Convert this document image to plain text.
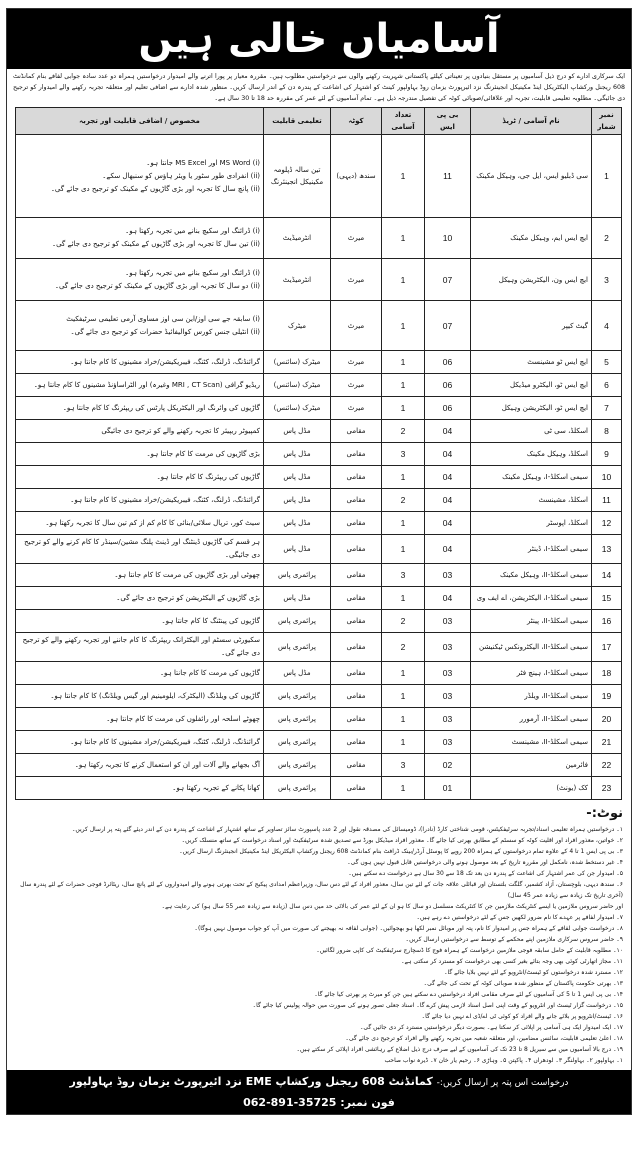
آسامیاں خالی ہیں
ایک سرکاری ادارے کو درج ذیل آسامیوں پر مستقل بنیادوں پر تعیناتی کیلئے پاکستانی شہریت رکھنے والوں سے درخواستیں مطلوب ہیں۔ مقررہ معیار پر پورا اترنے والے امیدوار درخواستیں ہمراہ دو عدد سادہ جوابی لفافے بنام کمانڈنٹ 608 ریجنل ورکشاپ الیکٹریکل اینڈ مکینیکل انجینئرنگ نزد ائیرپورٹ یزمان روڈ بہاولپور کینٹ کو اشتہار کی اشاعت کے پندرہ دن کے اندر ارسال کریں۔ منظور شدہ ادارے سے اضافی تعلیم اور متعلقہ تجربہ رکھنے والے امیدوار کو ترجیح دی جائیگی۔ مطلوبہ تعلیمی قابلیت، تجربہ اور علاقائی/صوبائی کوٹہ کی تفصیل مندرجہ ذیل ہے۔ تمام آسامیوں کے لئے عمر کی مقررہ حد 18 تا 30 سال ہے۔
نمبر شمار	نام آسامی / ٹریڈ	بی پی ایس	تعداد آسامی	کوٹہ	تعلیمی قابلیت	مخصوص / اضافی قابلیت اور تجربہ
1	سی ڈبلیو ایس، ایل جی، وہیکل مکینک	11	1	سندھ (دیہی)	تین سالہ ڈپلومہ مکینیکل انجینئرنگ	(i) MS Word اور MS Excel جانتا ہو۔
(ii) انفرادی طور سٹور یا ویئر ہاؤس کو سنبھال سکے۔
(ii) پانچ سال کا تجربہ اور بڑی گاڑیوں کے مکینک کو ترجیح دی جائے گی۔

2	ایچ ایس ایم، وہیکل مکینک	10	1	میرٹ	انٹرمیڈیٹ	(i) ڈرائنگ اور سکیچ بنانے میں تجربہ رکھتا ہو۔
(ii) تین سال کا تجربہ اور بڑی گاڑیوں کے مکینک کو ترجیح دی جائے گی۔

3	ایچ ایس ون، الیکٹریشن وہیکل	07	1	میرٹ	انٹرمیڈیٹ	(i) ڈرائنگ اور سکیچ بنانے میں تجربہ رکھتا ہو۔
(ii) دو سال کا تجربہ اور بڑی گاڑیوں کے مکینک کو ترجیح دی جائے گی۔

4	گیٹ کیپر	07	1	میرٹ	میٹرک	(i) سابقہ جے سی اوز/این سی اوز مساوی آرمی تعلیمی سرٹیفکیٹ
(ii) انٹیلی جنس کورس کوالیفائیڈ حضرات کو ترجیح دی جائے گی۔

5	ایچ ایس ٹو مشینسٹ	06	1	میرٹ	میٹرک (سائنس)	گرائنڈنگ، ڈرلنگ، کٹنگ، فیبریکیشن/خراد مشینوں کا کام جانتا ہو۔

6	ایچ ایس ٹو، الیکٹرو میڈیکل	06	1	میرٹ	میٹرک (سائنس)	ریڈیو گرافی (MRI , CT Scan وغیرہ) اور الٹراساؤنڈ مشینوں کا کام جانتا ہو۔

7	ایچ ایس ٹو، الیکٹریشن وہیکل	06	1	میرٹ	میٹرک (سائنس)	گاڑیوں کی وائرنگ اور الیکٹریکل پارٹس کی ریپئرنگ کا کام جانتا ہو۔

8	اسکلڈ، سی ٹی	04	2	مقامی	مڈل پاس	کمپیوٹر ریپیئر کا تجربہ رکھنے والے کو ترجیح دی جائیگی

9	اسکلڈ، وہیکل مکینک	04	3	مقامی	مڈل پاس	بڑی گاڑیوں کی مرمت کا کام جانتا ہو۔

10	سیمی اسکلڈ-I، وہیکل مکینک	04	1	مقامی	مڈل پاس	گاڑیوں کی ریپئرنگ کا کام جانتا ہو۔

11	اسکلڈ، مشینسٹ	04	2	مقامی	مڈل پاس	گرائنڈنگ، ڈرلنگ، کٹنگ، فیبریکیشن/خراد مشینوں کا کام جانتا ہو۔

12	اسکلڈ، اپوسٹر	04	1	مقامی	مڈل پاس	سیٹ کور، ترپال سلائی/بنائی کا کام کم از کم تین سال کا تجربہ رکھتا ہو۔

13	سیمی اسکلڈ-I، ڈینٹر	04	1	مقامی	مڈل پاس	ہر قسم کی گاڑیوں ڈینٹنگ اور ڈینٹ پلنگ مشین/سینڈر کا کام کرنے والے کو ترجیح دی جائیگی۔

14	سیمی اسکلڈ-II، وہیکل مکینک	03	3	مقامی	پرائمری پاس	چھوٹی اور بڑی گاڑیوں کی مرمت کا کام جانتا ہو۔

15	سیمی اسکلڈ-I، الیکٹریشن، اے ایف وی	04	1	مقامی	مڈل پاس	بڑی گاڑیوں کے الیکٹریشن کو ترجیح دی جائے گی۔

16	سیمی اسکلڈ-II، پینٹر	03	2	مقامی	پرائمری پاس	گاڑیوں کی پینٹنگ کا کام جانتا ہو۔

17	سیمی اسکلڈ-II، الیکٹرونکس ٹیکنیشن	03	2	مقامی	پرائمری پاس	سکیورٹی سسٹم اور الیکٹرانک ریپئرنگ کا کام جاننے اور تجربہ رکھنے والے کو ترجیح دی جائے گی۔

18	سیمی اسکلڈ-I، ہینچ فٹر	03	1	مقامی	مڈل پاس	گاڑیوں کی مرمت کا کام جانتا ہو۔

19	سیمی اسکلڈ-II، ویلڈر	03	1	مقامی	پرائمری پاس	گاڑیوں کی ویلڈنگ (الیکٹرک، ایلومینیم اور گیس ویلڈنگ) کا کام جانتا ہو۔

20	سیمی اسکلڈ-II، آرمورر	03	1	مقامی	پرائمری پاس	چھوٹے اسلحہ اور رائفلوں کی مرمت کا کام جانتا ہو۔

21	سیمی اسکلڈ-II، مشینسٹ	03	1	مقامی	پرائمری پاس	گرائنڈنگ، ڈرلنگ، کٹنگ، فیبریکیشن/خراد مشینوں کا کام جانتا ہو۔

22	فائرمین	02	3	مقامی	پرائمری پاس	آگ بجھانے والے آلات اور ان کو استعمال کرنے کا تجربہ رکھتا ہو۔

23	کک (یونٹ)	01	1	مقامی	پرائمری پاس	کھانا پکانے کے تجربہ رکھتا ہو۔
نوٹ:-
۱۔ درخواستیں ہمراہ تعلیمی اسناد/تجربہ سرٹیفکیٹس، قومی شناختی کارڈ (نادرا)، ڈومیسائل کی مصدقہ نقول اور 2 عدد پاسپورٹ سائز تصاویر کے ساتھ اشتہار کے اشاعت کے پندرہ دن کے اندر دیئے گئے پتہ پر ارسال کریں۔
۲۔ خواتین، معذور افراد اور اقلیت کوٹہ کو سسٹم کے مطابق بھرتی کیا جائے گا۔ معذور افراد میڈیکل بورڈ سے تصدیق شدہ سرٹیفکیٹ اور اسناد درخواست کے ساتھ منسلک کریں۔
۳۔ بی پی ایس 1 تا 4 کے علاوہ تمام درخواستوں کے ہمراہ 200 روپے کا پوسٹل آرڈر/بینک ڈرافٹ بنام کمانڈنٹ 608 ریجنل ورکشاپ الیکٹریکل اینڈ مکینیکل انجینئرنگ ارسال کریں۔
۴۔ غیر دستخط شدہ، نامکمل اور مقررہ تاریخ کے بعد موصول ہونے والی درخواستیں قابل قبول نہیں ہوں گی۔
۵۔ امیدوار جن کی عمر اشتہار کی اشاعت کے پندرہ دن بعد تک 18 سے 30 سال ہے درخواست دے سکتے ہیں۔
۶۔ سندھ دیہی، بلوچستان، آزاد کشمیر، گلگت بلتستان اور قبائلی علاقہ جات کے لئے تین سال، معذور افراد کے لئے دس سال، وزیراعظم امدادی پیکیج کے تحت بھرتی ہونے والے امیدواروں کے لئے پانچ سال، ریٹائرڈ فوجی حضرات کے لئے پندرہ سال (آخری تاریخ تک زیادہ سے زیادہ عمر 45 سال)
اور حاضر سروس ملازمین یا ایسے کنٹریکٹ ملازمین جن کا کنٹریکٹ مسلسل دو سال کا ہو ان کے لئے عمر کی بالائی حد میں دس سال (زیادہ سے زیادہ عمر 55 سال ہو) کی رعایت ہے۔
۷۔ امیدوار لفافے پر عہدے کا نام ضرور لکھیں جس کے لئے درخواستیں دے رہے ہیں۔
۸۔ درخواست جوابی لفافے کے ہمراہ جس پر امیدوار کا نام، پتہ اور موبائل نمبر لکھا ہو بھجوائیں۔ (جوابی لفافہ نہ بھیجنے کی صورت میں آپ کو جواب موصول نہیں ہوگا)۔
۹۔ حاضر سروس سرکاری ملازمین اپنے محکمے کے توسط سے درخواستیں ارسال کریں۔
۱۰۔ مطلوبہ قابلیت کے حامل سابقہ فوجی ملازمین درخواست کے ہمراہ فوج کا ڈسچارج سرٹیفکیٹ کی کاپی ضرور لگائیں۔
۱۱۔ مجاز اتھارٹی کوئی بھی وجہ بتائے بغیر کسی بھی درخواست کو مسترد کر سکتی ہے۔
۱۲۔ مسترد شدہ درخواستوں کو ٹیسٹ/انٹرویو کے لئے نہیں بلایا جائے گا۔
۱۳۔ بھرتی حکومت پاکستان کے منظور شدہ صوبائی کوٹہ کے تحت کی جائے گی۔
۱۴۔ بی پی ایس 1 تا 5 کی آسامیوں کے لئے صرف مقامی افراد درخواستیں دے سکتے ہیں جن کو میرٹ پر بھرتی کیا جائے گا۔
۱۵۔ درخواست گزار ٹیسٹ اور انٹرویو کے وقت اپنی اصل اسناد لازمی پیش کرے گا۔ اسناد جعلی تصور ہونے کی صورت میں حوالہ پولیس کیا جائے گا۔
۱۶۔ ٹیسٹ/انٹرویو پر بلائے جانے والے افراد کو کوئی ٹی اے/ڈی اے نہیں دیا جائے گا۔
۱۷۔ ایک امیدوار ایک ہی آسامی پر اپلائی کر سکتا ہے۔ بصورت دیگر درخواستیں مسترد کر دی جائیں گی۔
۱۸۔ اعلیٰ تعلیمی قابلیت، سائنس مضامین، اور متعلقہ شعبہ میں تجربہ رکھنے والے افراد کو ترجیح دی جائے گی۔
۱۹۔ درج بالا آسامیوں میں سے سیریل 8 تا 23 تک کی آسامیوں کے لیے صرف درج ذیل اضلاع کے رہائشی افراد اپلائی کر سکتے ہیں۔
۱۔ بہاولپور ۲۔ بہاولنگر ۳۔ لودھراں ۴۔ پاکپتن ۵۔ وہاڑی ۶۔ رحیم یار خان ۷۔ ڈیرہ نواب صاحب
درخواست اس پتہ پر ارسال کریں:- کمانڈنٹ 608 ریجنل ورکشاپ EME نزد ائیرپورٹ یزمان روڈ بہاولپور
فون نمبر: 062-891-35725
